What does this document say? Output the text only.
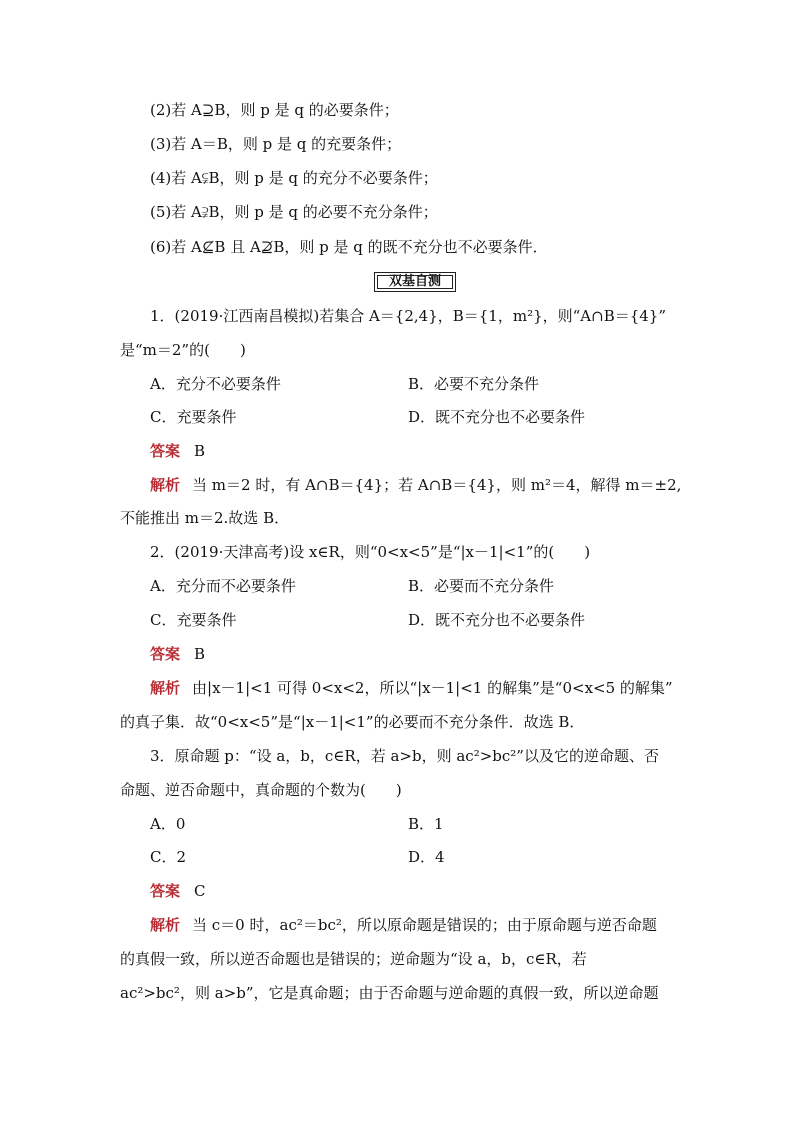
(2)若 A⊇B，则 p 是 q 的必要条件；
(3)若 A＝B，则 p 是 q 的充要条件；
(4)若 A⫋B，则 p 是 q 的充分不必要条件；
(5)若 A⫌B，则 p 是 q 的必要不充分条件；
(6)若 A⊈B 且 A⊉B，则 p 是 q 的既不充分也不必要条件．
双基自测
1．(2019·江西南昌模拟)若集合 A＝{2,4}，B＝{1，m²}，则“A∩B＝{4}”
是“m＝2”的(　　)
A．充分不必要条件	B．必要不充分条件
C．充要条件	D．既不充分也不必要条件
答案 B
解析 当 m＝2 时，有 A∩B＝{4}；若 A∩B＝{4}，则 m²＝4，解得 m＝±2,
不能推出 m＝2.故选 B．
2．(2019·天津高考)设 x∈R，则“0<x<5”是“|x－1|<1”的(　　)
A．充分而不必要条件	B．必要而不充分条件
C．充要条件	D．既不充分也不必要条件
答案 B
解析 由|x－1|<1 可得 0<x<2，所以“|x－1|<1 的解集”是“0<x<5 的解集”
的真子集．故“0<x<5”是“|x－1|<1”的必要而不充分条件．故选 B．
3．原命题 p：“设 a，b，c∈R，若 a>b，则 ac²>bc²”以及它的逆命题、否
命题、逆否命题中，真命题的个数为(　　)
A．0	B．1
C．2	D．4
答案 C
解析 当 c＝0 时，ac²＝bc²，所以原命题是错误的；由于原命题与逆否命题
的真假一致，所以逆否命题也是错误的；逆命题为“设 a，b，c∈R，若
ac²>bc²，则 a>b”，它是真命题；由于否命题与逆命题的真假一致，所以逆命题
